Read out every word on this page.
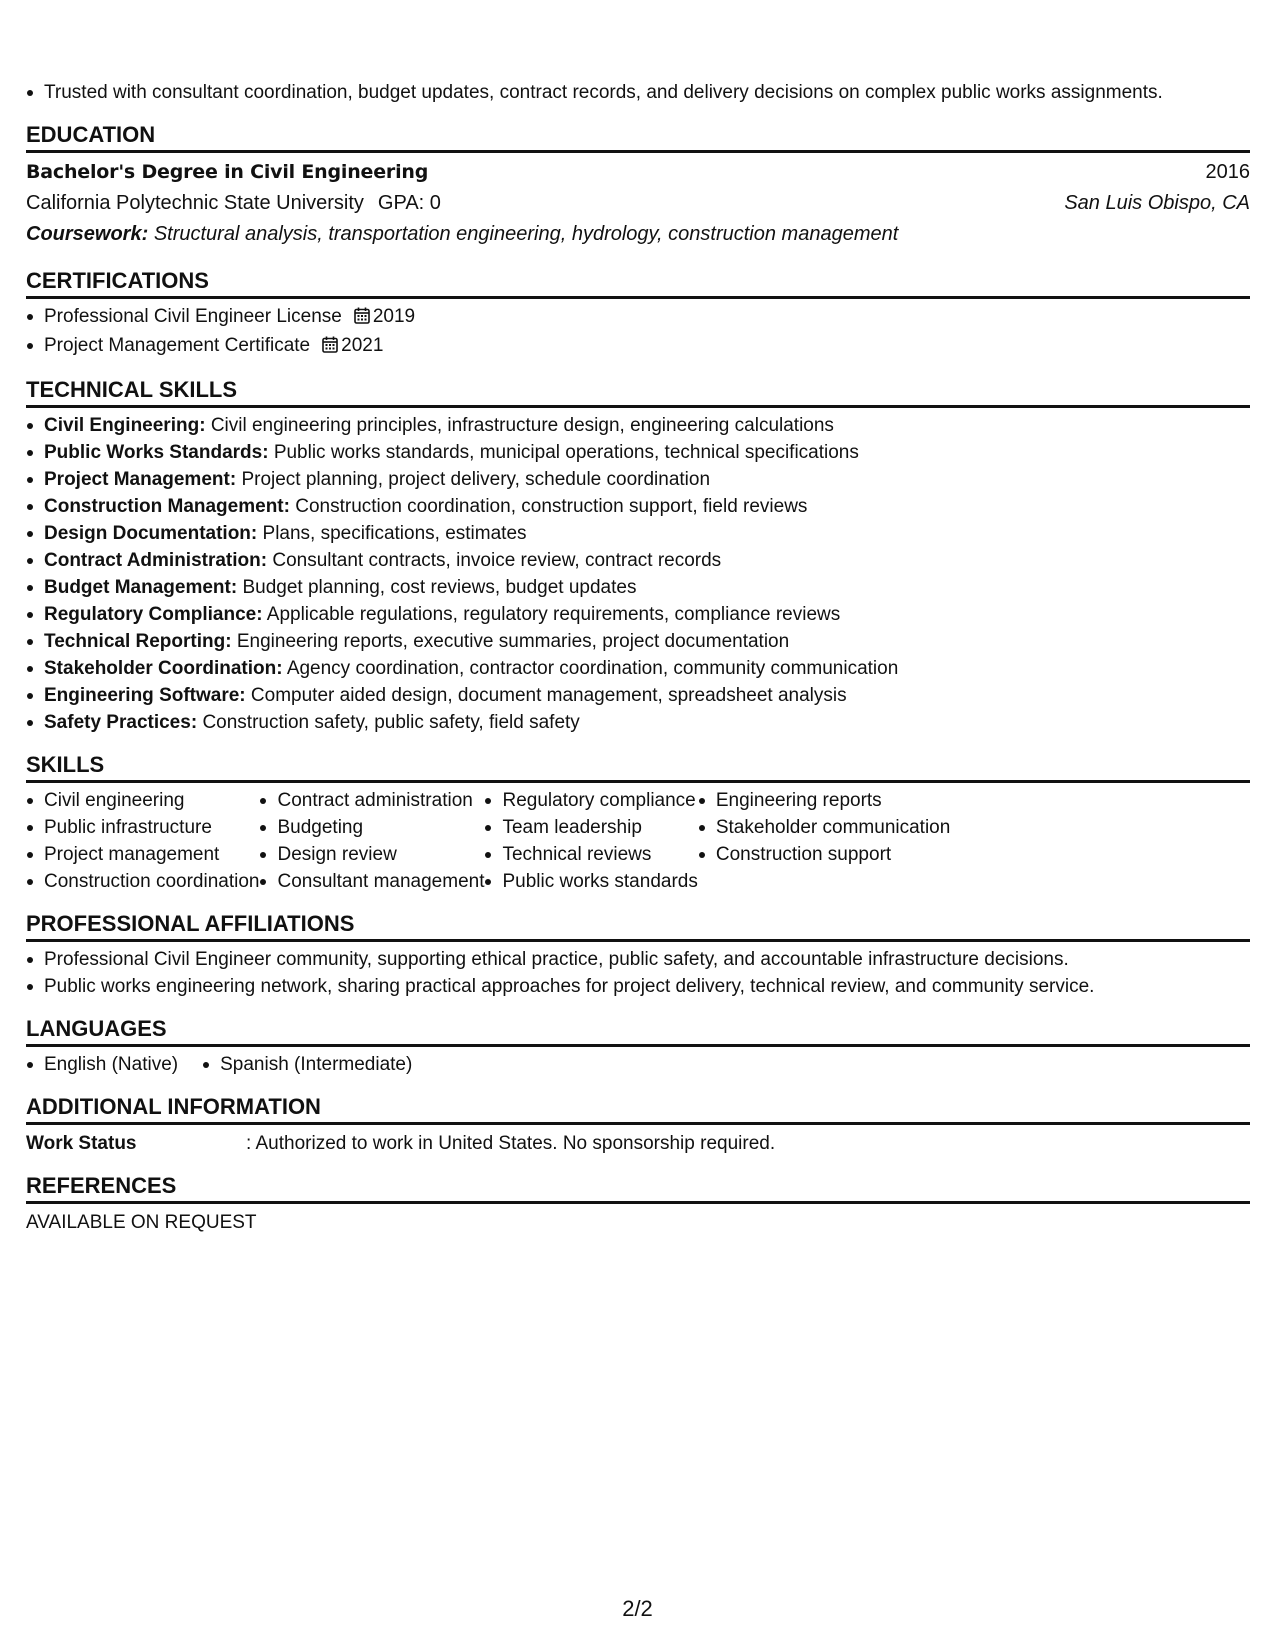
Trusted with consultant coordination, budget updates, contract records, and delivery decisions on complex public works assignments.
EDUCATION
Bachelor's Degree in Civil Engineering	2016
California Polytechnic State University GPA: 0	San Luis Obispo, CA
Coursework:
Structural analysis, transportation engineering, hydrology, construction management
CERTIFICATIONS
Professional Civil Engineer License 2019
Project Management Certificate 2021
TECHNICAL SKILLS
Civil Engineering: Civil engineering principles, infrastructure design, engineering calculations
Public Works Standards: Public works standards, municipal operations, technical specifications
Project Management: Project planning, project delivery, schedule coordination
Construction Management: Construction coordination, construction support, field reviews
Design Documentation: Plans, specifications, estimates
Contract Administration: Consultant contracts, invoice review, contract records
Budget Management: Budget planning, cost reviews, budget updates
Regulatory Compliance: Applicable regulations, regulatory requirements, compliance reviews
Technical Reporting: Engineering reports, executive summaries, project documentation
Stakeholder Coordination: Agency coordination, contractor coordination, community communication
Engineering Software: Computer aided design, document management, spreadsheet analysis
Safety Practices: Construction safety, public safety, field safety
SKILLS
Civil engineering
Public infrastructure
Project management
Construction coordination
Contract administration
Budgeting
Design review
Consultant management
Regulatory compliance
Team leadership
Technical reviews
Public works standards
Engineering reports
Stakeholder communication
Construction support
PROFESSIONAL AFFILIATIONS
Professional Civil Engineer community, supporting ethical practice, public safety, and accountable infrastructure decisions.
Public works engineering network, sharing practical approaches for project delivery, technical review, and community service.
LANGUAGES
English (Native)	Spanish (Intermediate)
ADDITIONAL INFORMATION
Work Status	: Authorized to work in United States. No sponsorship required.
REFERENCES
AVAILABLE ON REQUEST
2/2
